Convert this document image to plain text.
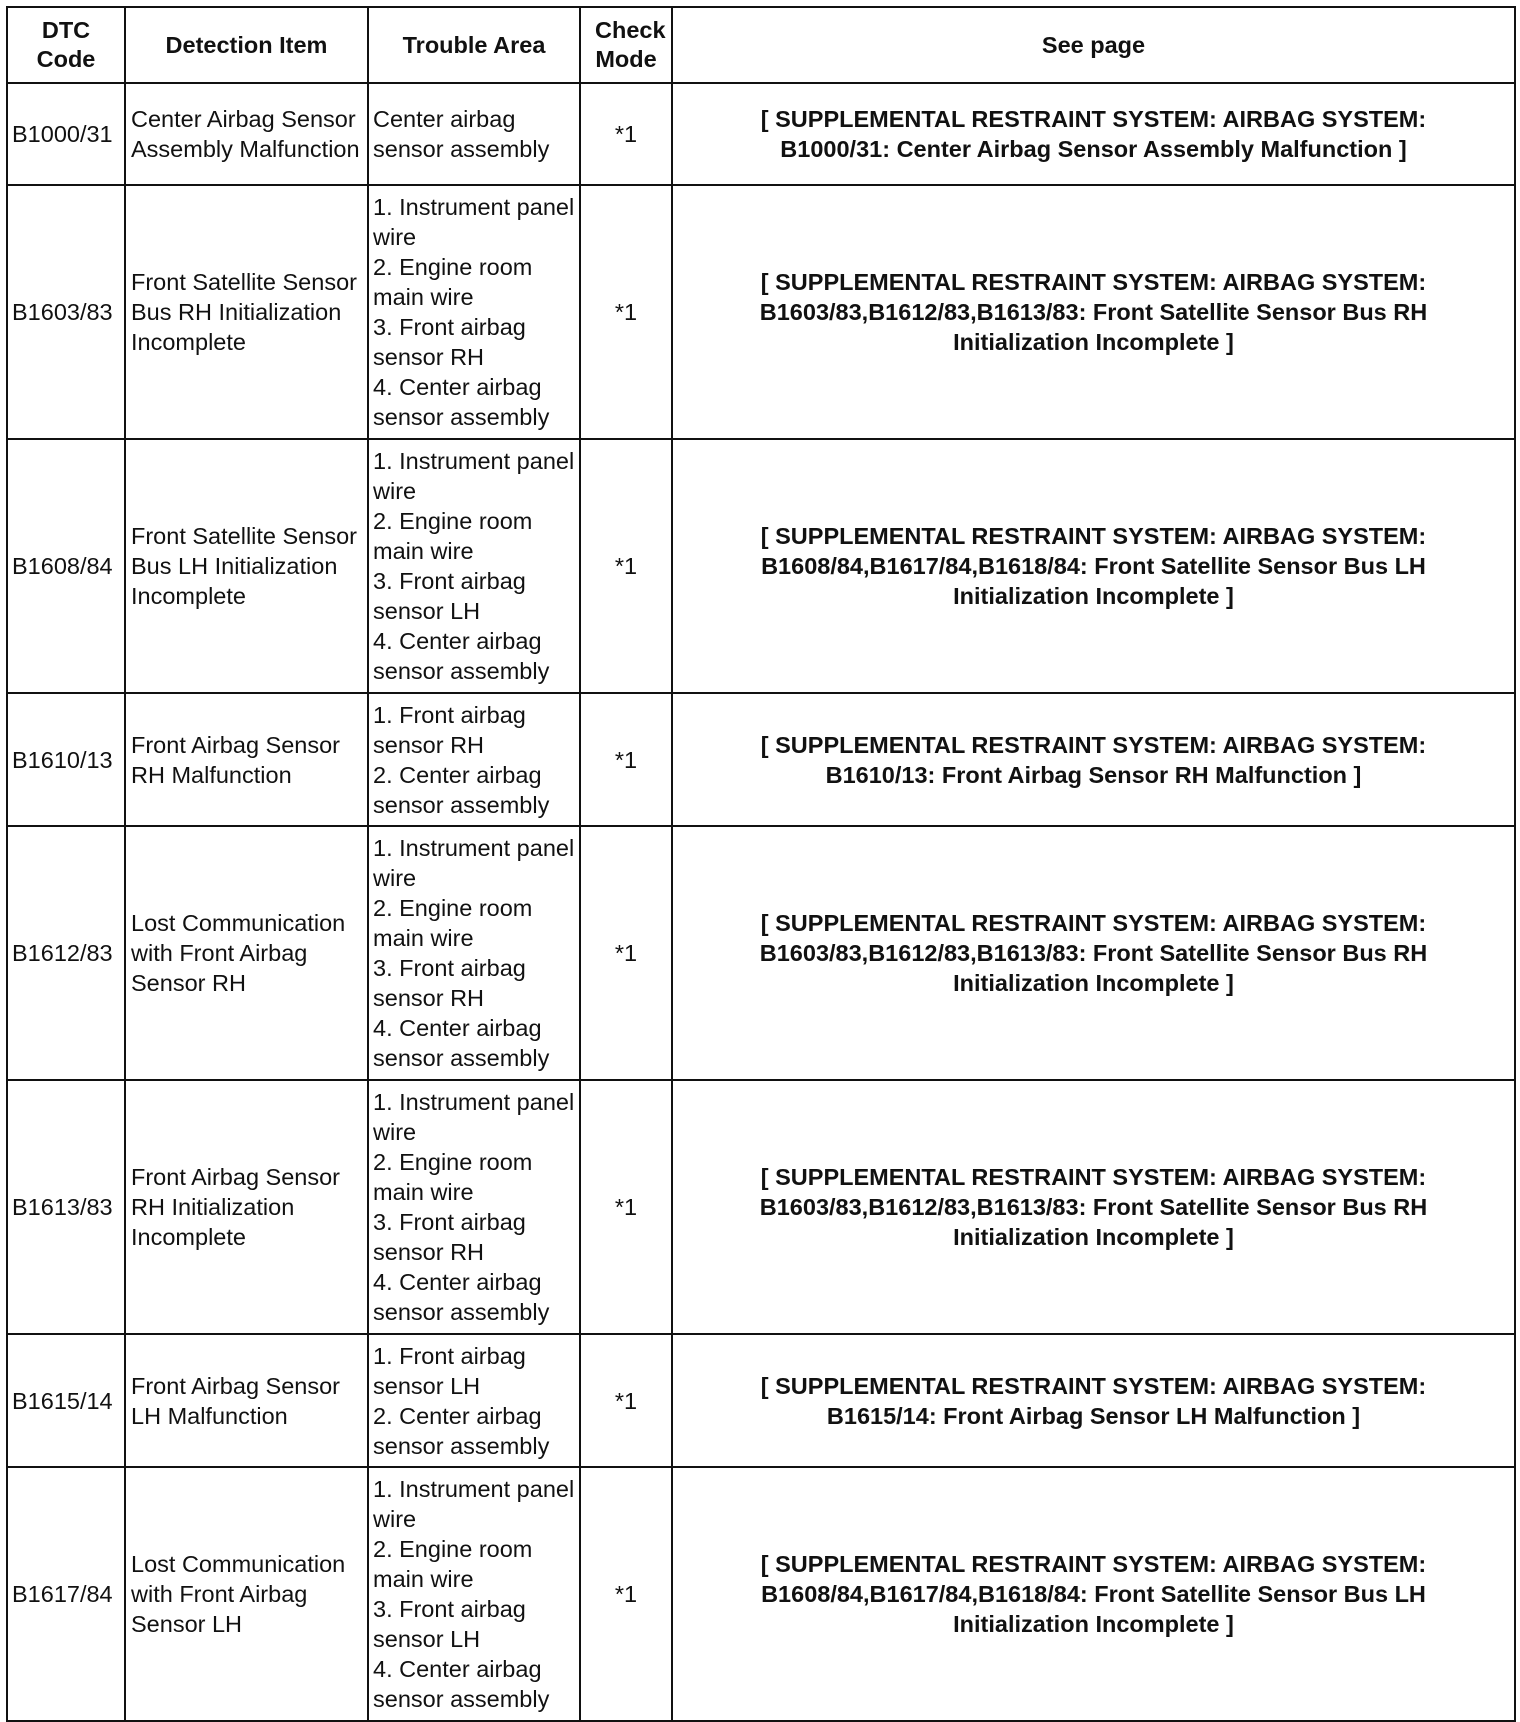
DTC Code	Detection Item	Trouble Area	Check Mode	See page
B1000/31	Center Airbag Sensor Assembly Malfunction	Center airbag sensor assembly	*1	[ SUPPLEMENTAL RESTRAINT SYSTEM: AIRBAG SYSTEM: B1000/31: Center Airbag Sensor Assembly Malfunction ]
B1603/83	Front Satellite Sensor Bus RH Initialization Incomplete	1. Instrument panel wire
2. Engine room main wire
3. Front airbag sensor RH
4. Center airbag sensor assembly	*1	[ SUPPLEMENTAL RESTRAINT SYSTEM: AIRBAG SYSTEM: B1603/83,B1612/83,B1613/83: Front Satellite Sensor Bus RH Initialization Incomplete ]
B1608/84	Front Satellite Sensor Bus LH Initialization Incomplete	1. Instrument panel wire
2. Engine room main wire
3. Front airbag sensor LH
4. Center airbag sensor assembly	*1	[ SUPPLEMENTAL RESTRAINT SYSTEM: AIRBAG SYSTEM: B1608/84,B1617/84,B1618/84: Front Satellite Sensor Bus LH Initialization Incomplete ]
B1610/13	Front Airbag Sensor RH Malfunction	1. Front airbag sensor RH
2. Center airbag sensor assembly	*1	[ SUPPLEMENTAL RESTRAINT SYSTEM: AIRBAG SYSTEM: B1610/13: Front Airbag Sensor RH Malfunction ]
B1612/83	Lost Communication with Front Airbag Sensor RH	1. Instrument panel wire
2. Engine room main wire
3. Front airbag sensor RH
4. Center airbag sensor assembly	*1	[ SUPPLEMENTAL RESTRAINT SYSTEM: AIRBAG SYSTEM: B1603/83,B1612/83,B1613/83: Front Satellite Sensor Bus RH Initialization Incomplete ]
B1613/83	Front Airbag Sensor RH Initialization Incomplete	1. Instrument panel wire
2. Engine room main wire
3. Front airbag sensor RH
4. Center airbag sensor assembly	*1	[ SUPPLEMENTAL RESTRAINT SYSTEM: AIRBAG SYSTEM: B1603/83,B1612/83,B1613/83: Front Satellite Sensor Bus RH Initialization Incomplete ]
B1615/14	Front Airbag Sensor LH Malfunction	1. Front airbag sensor LH
2. Center airbag sensor assembly	*1	[ SUPPLEMENTAL RESTRAINT SYSTEM: AIRBAG SYSTEM: B1615/14: Front Airbag Sensor LH Malfunction ]
B1617/84	Lost Communication with Front Airbag Sensor LH	1. Instrument panel wire
2. Engine room main wire
3. Front airbag sensor LH
4. Center airbag sensor assembly	*1	[ SUPPLEMENTAL RESTRAINT SYSTEM: AIRBAG SYSTEM: B1608/84,B1617/84,B1618/84: Front Satellite Sensor Bus LH Initialization Incomplete ]
